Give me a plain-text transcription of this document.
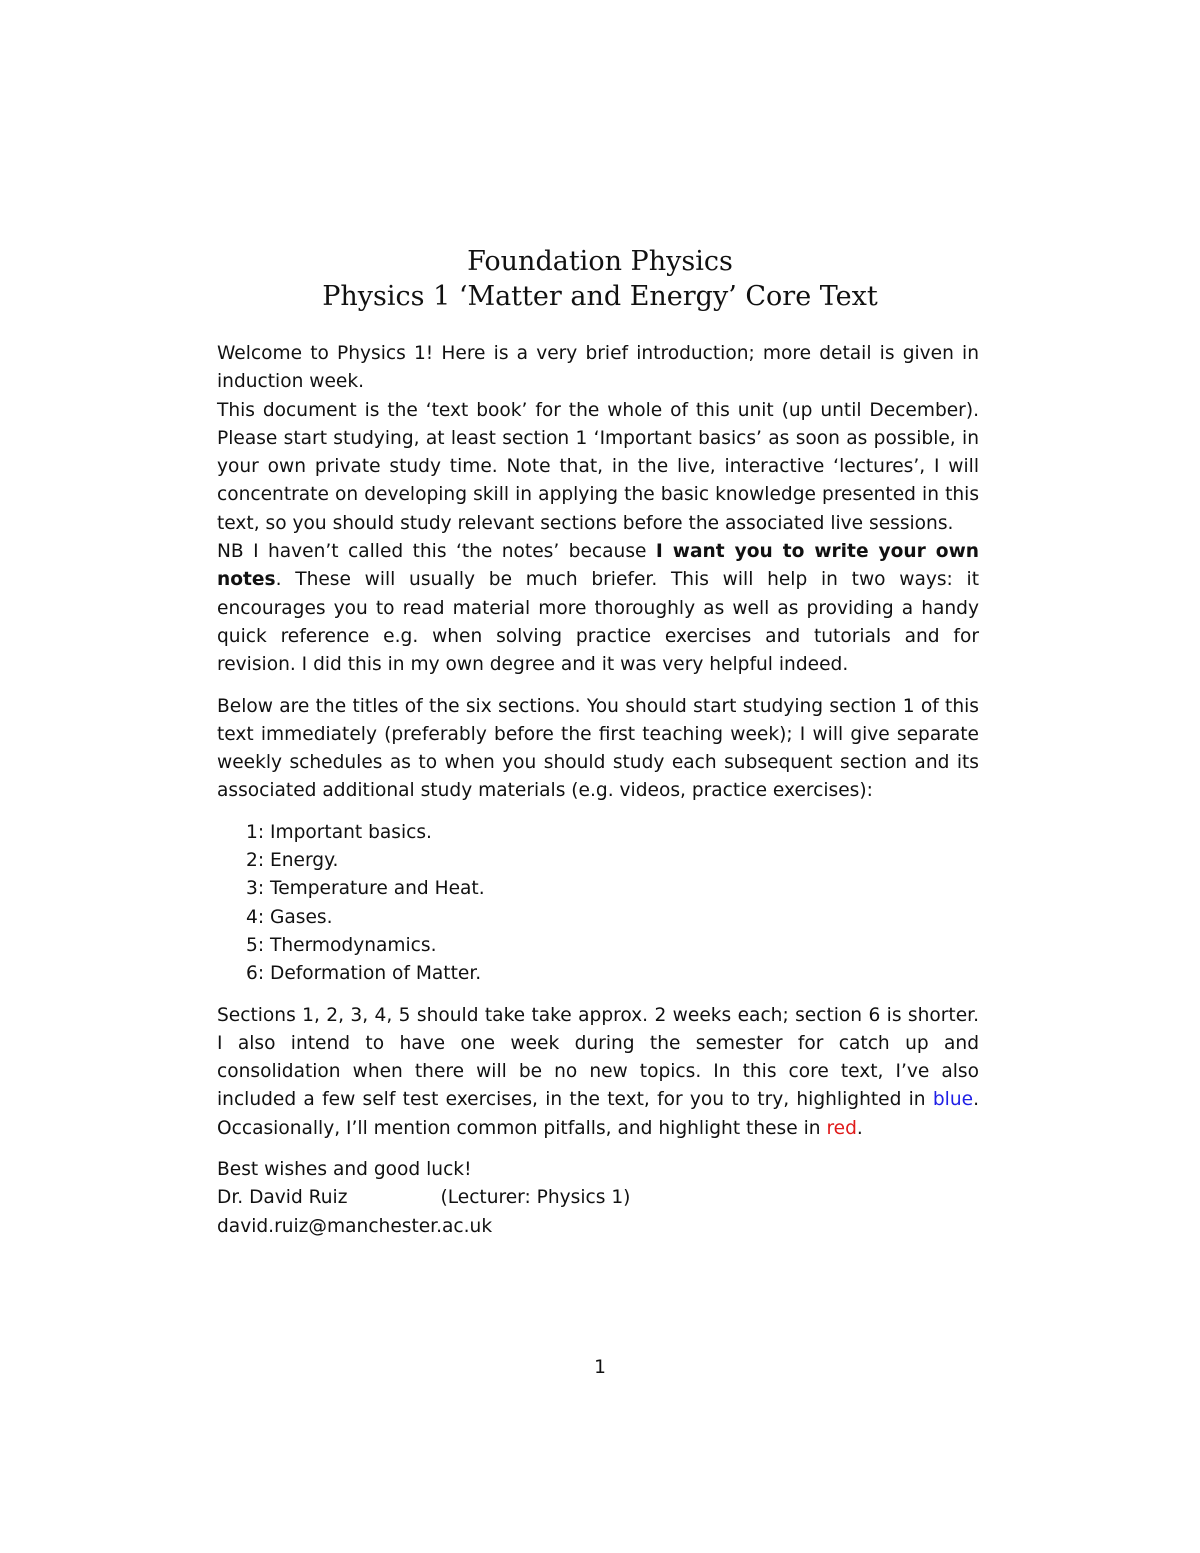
Foundation Physics
Physics 1 ‘Matter and Energy’ Core Text

Welcome to Physics 1! Here is a very brief introduction; more detail is given in induction week.

This document is the ‘text book’ for the whole of this unit (up until December). Please start studying, at least section 1 ‘Important basics’ as soon as possible, in your own private study time. Note that, in the live, interactive ‘lectures’, I will concentrate on developing skill in applying the basic knowledge presented in this text, so you should study relevant sections before the associated live sessions.

NB I haven’t called this ‘the notes’ because I want you to write your own notes. These will usually be much briefer. This will help in two ways: it encourages you to read material more thoroughly as well as providing a handy quick reference e.g. when solving practice exercises and tutorials and for revision. I did this in my own degree and it was very helpful indeed.

Below are the titles of the six sections. You should start studying section 1 of this text immediately (preferably before the first teaching week); I will give separate weekly schedules as to when you should study each subsequent section and its associated additional study materials (e.g. videos, practice exercises):

1: Important basics.
2: Energy.
3: Temperature and Heat.
4: Gases.
5: Thermodynamics.
6: Deformation of Matter.

Sections 1, 2, 3, 4, 5 should take take approx. 2 weeks each; section 6 is shorter. I also intend to have one week during the semester for catch up and consolidation when there will be no new topics. In this core text, I’ve also included a few self test exercises, in the text, for you to try, highlighted in blue. Occasionally, I’ll mention common pitfalls, and highlight these in red.

Best wishes and good luck!

Dr. David Ruiz	(Lecturer: Physics 1)

david.ruiz@manchester.ac.uk

1
